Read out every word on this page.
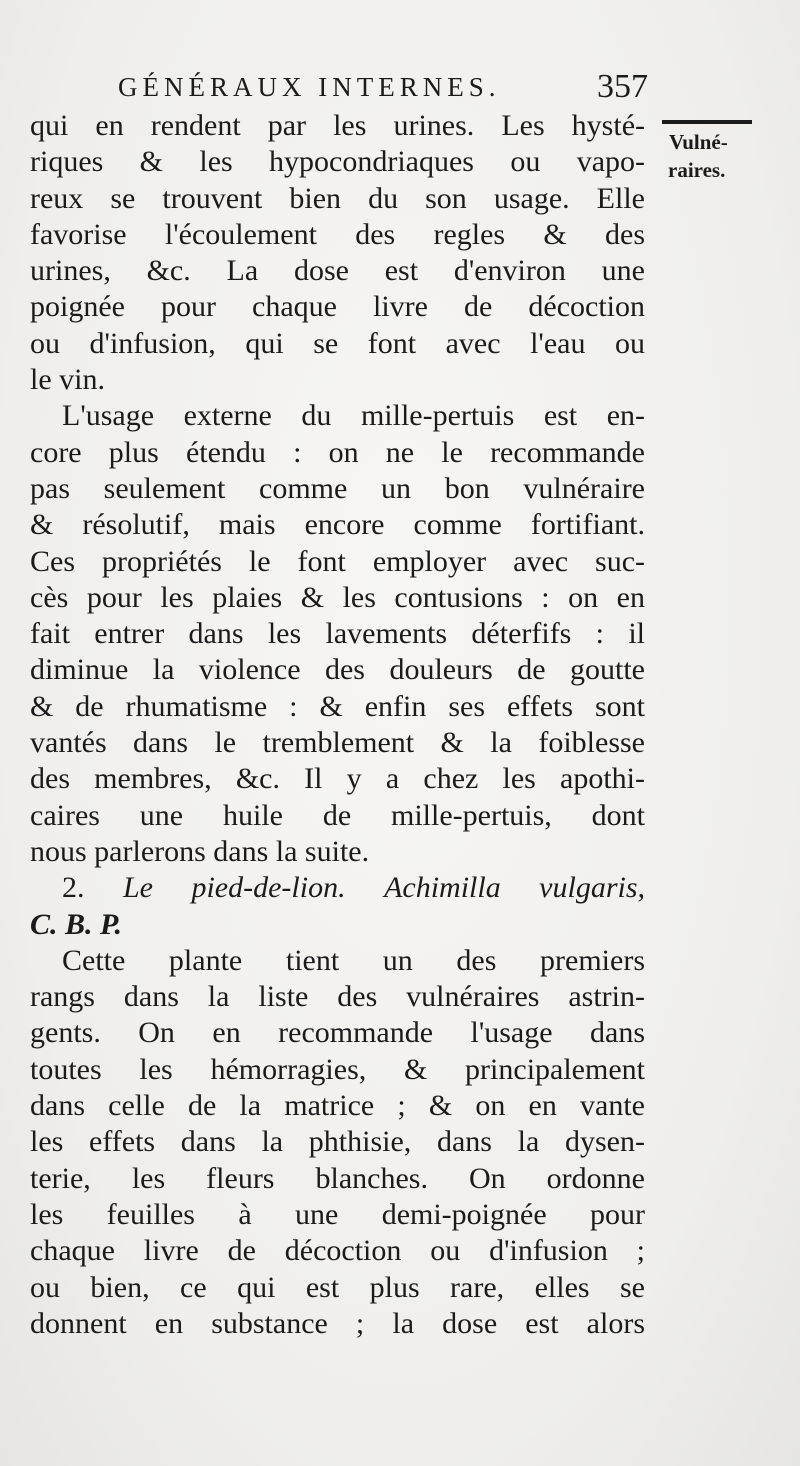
GÉNÉRAUX INTERNES.	357
Vulné-
raires.
qui en rendent par les urines. Les hysté-
riques & les hypocondriaques ou vapo-
reux se trouvent bien du son usage. Elle
favorise l'écoulement des regles & des
urines, &c. La dose est d'environ une
poignée pour chaque livre de décoction
ou d'infusion, qui se font avec l'eau ou
le vin.
L'usage externe du mille-pertuis est en-
core plus étendu : on ne le recommande
pas seulement comme un bon vulnéraire
& résolutif, mais encore comme fortifiant.
Ces propriétés le font employer avec suc-
cès pour les plaies & les contusions : on en
fait entrer dans les lavements déterfifs : il
diminue la violence des douleurs de goutte
& de rhumatisme : & enfin ses effets sont
vantés dans le tremblement & la foiblesse
des membres, &c. Il y a chez les apothi-
caires une huile de mille-pertuis, dont
nous parlerons dans la suite.
2. Le pied-de-lion. Achimilla vulgaris,
C. B. P.
Cette plante tient un des premiers
rangs dans la liste des vulnéraires astrin-
gents. On en recommande l'usage dans
toutes les hémorragies, & principalement
dans celle de la matrice ; & on en vante
les effets dans la phthisie, dans la dysen-
terie, les fleurs blanches. On ordonne
les feuilles à une demi-poignée pour
chaque livre de décoction ou d'infusion ;
ou bien, ce qui est plus rare, elles se
donnent en substance ; la dose est alors
